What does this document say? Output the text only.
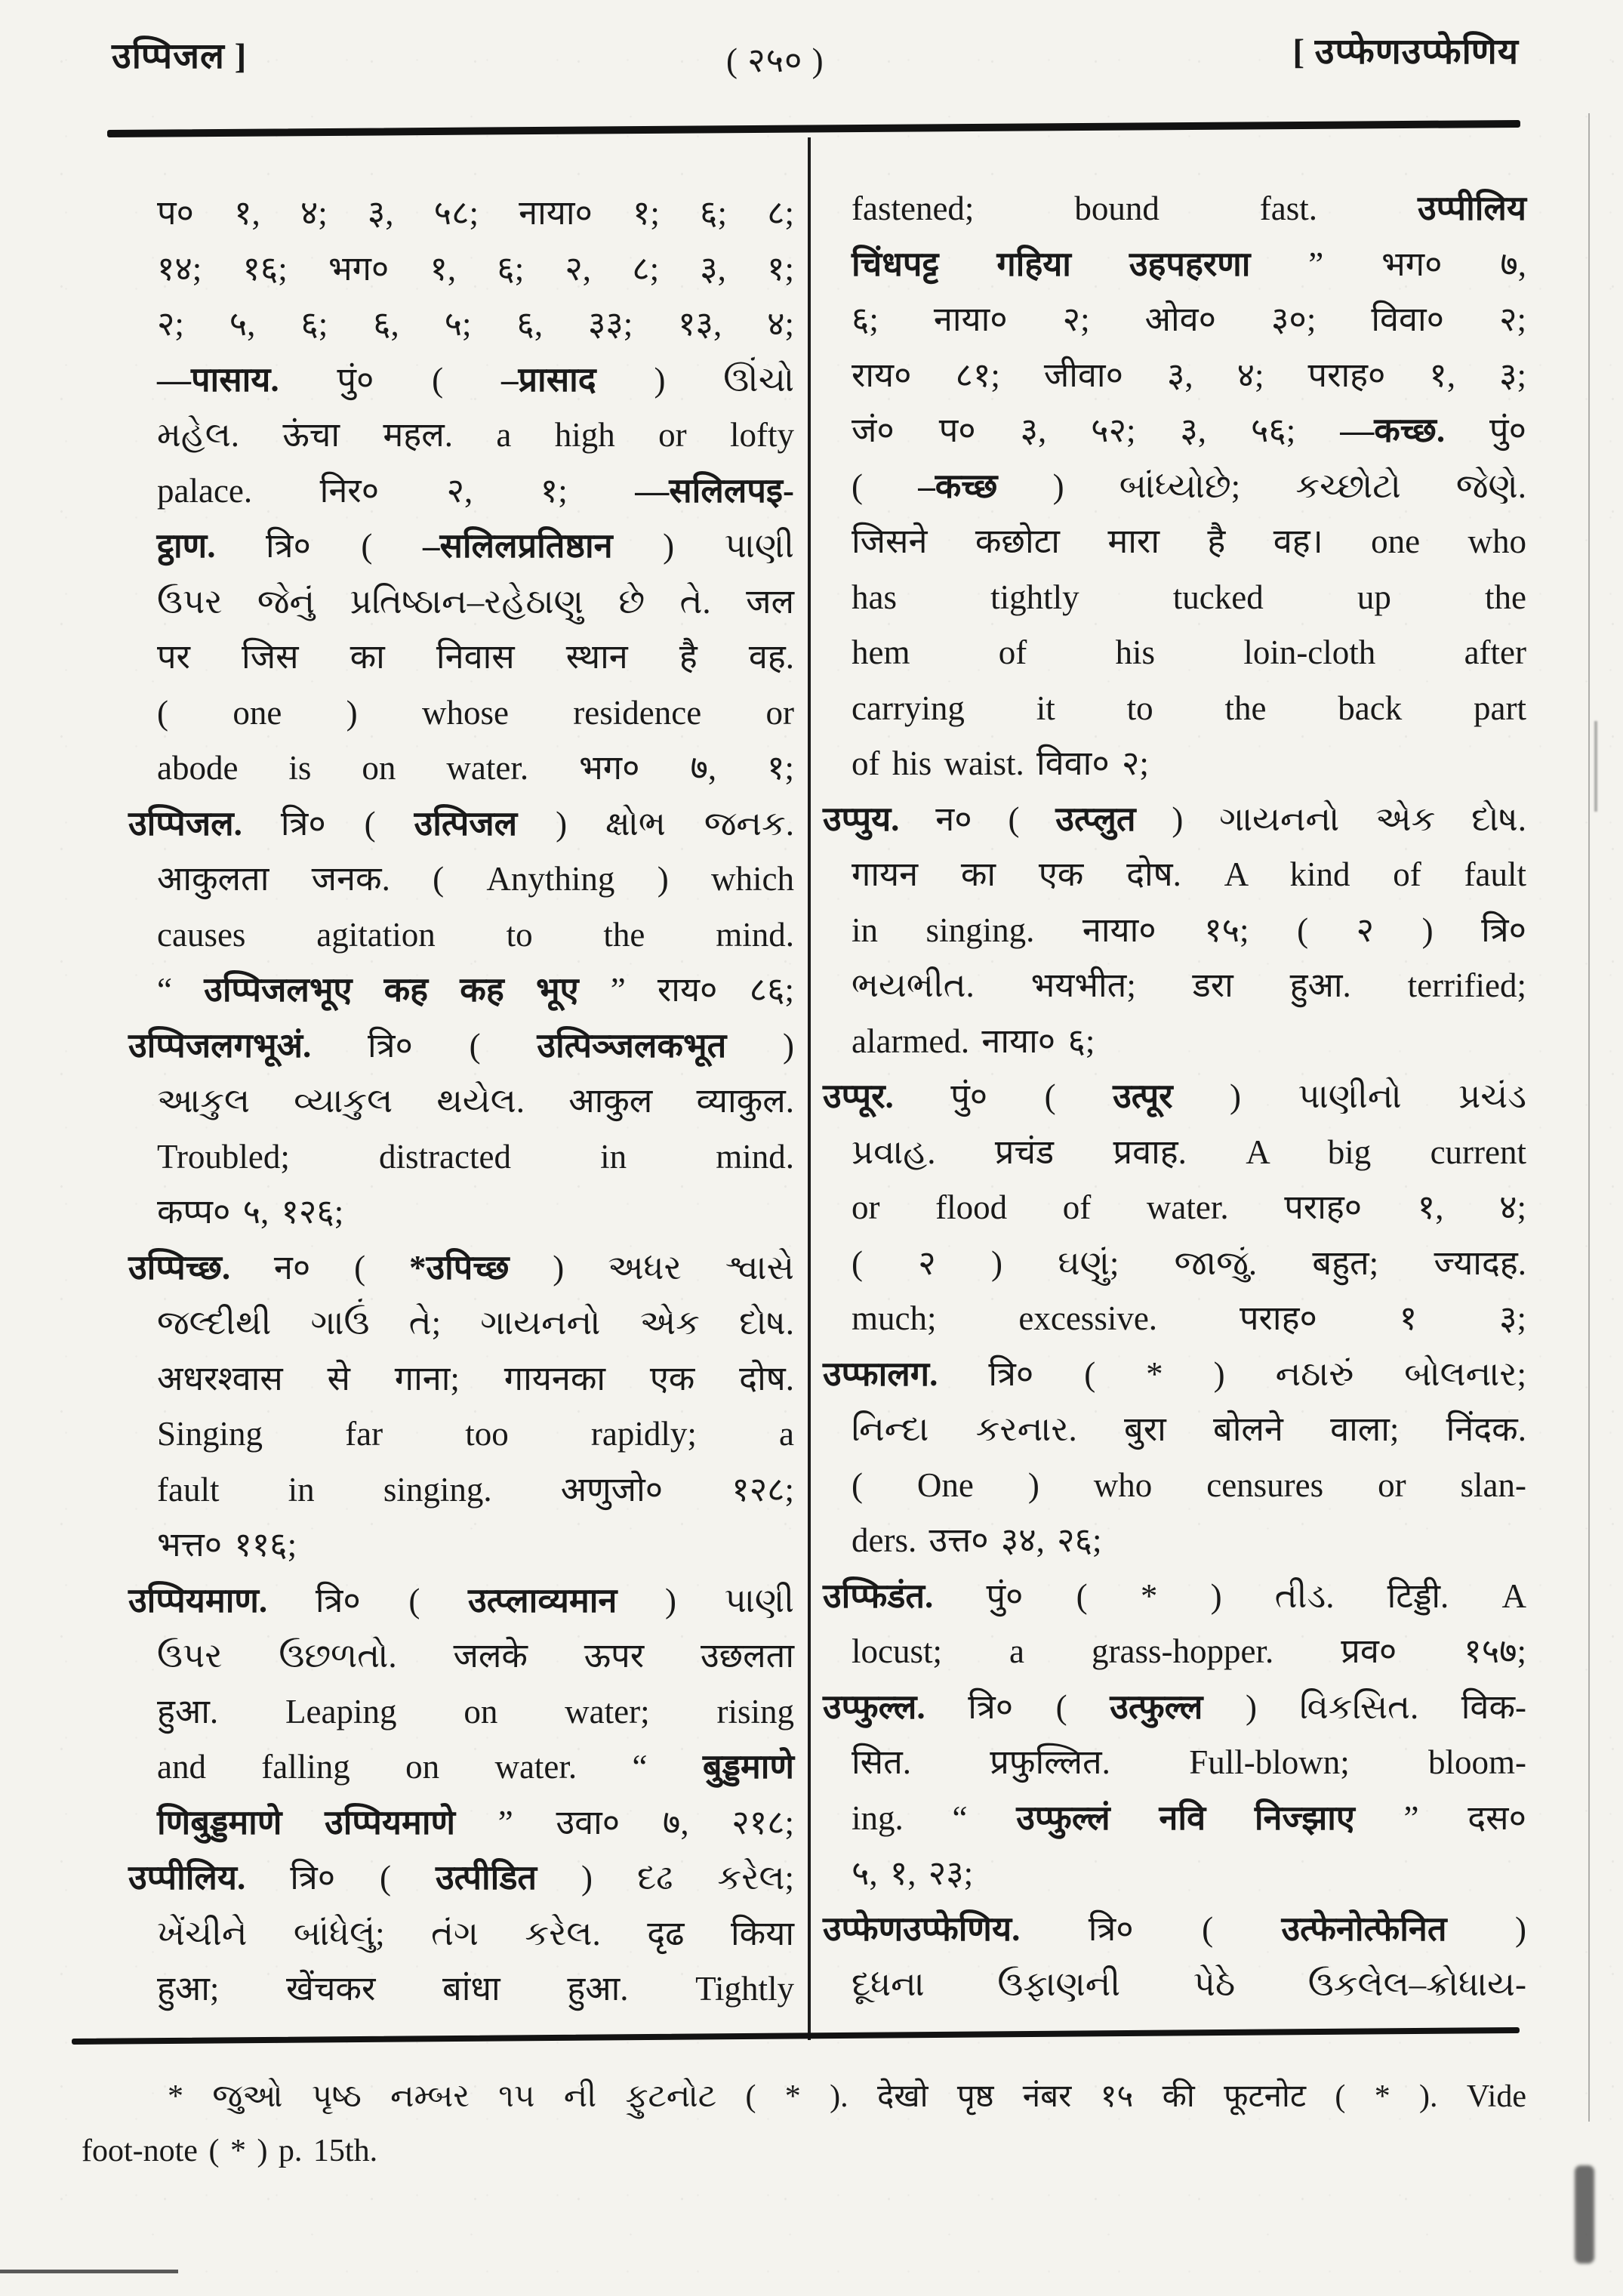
उप्पिजल ]	( २५० )	[ उप्फेणउप्फेणिय
प० १, ४; ३, ५८; नाया० १; ६; ८;
१४; १६; भग० १, ६; २, ८; ३, १;
२; ५, ६; ६, ५; ६, ३३; १३, ४;
—पासाय. पुं० ( –प्रासाद ) ઊંચો
મહેલ. ऊंचा महल. a high or lofty
palace. निर० २, १; —सलिलपइ-
ट्ठाण. त्रि० ( –सलिलप्रतिष्ठान ) પાણી
ઉપર જેનું પ્રતિષ્ઠાન–રહેઠાણુ છે તે. जल
पर जिस का निवास स्थान है वह.
( one ) whose residence or
abode is on water. भग० ७, १;
उप्पिजल. त्रि० ( उत्पिजल ) ક્ષોભ જનક.
आकुलता जनक. ( Anything ) which
causes agitation to the mind.
“ उप्पिजलभूए कह कह भूए ” राय० ८६;
उप्पिजलगभूअं. त्रि० ( उत्पिञ्जलकभूत )
આકુલ વ્યાકુલ થયેલ. आकुल व्याकुल.
Troubled; distracted in mind.
कप्प० ५, १२६;
उप्पिच्छ. न० ( *उपिच्छ ) અધર શ્વાસે
જલ્દીથી ગાઉં તે; ગાયનનો એક દોષ.
अधरश्वास से गाना; गायनका एक दोष.
Singing far too rapidly; a
fault in singing. अणुजो० १२८;
भत्त० ११६;
उप्पियमाण. त्रि० ( उत्प्लाव्यमान ) પાણી
ઉપર ઉછળતો. जलके ऊपर उछलता
हुआ. Leaping on water; rising
and falling on water. “ बुड्डमाणे
णिबुड्डमाणे उप्पियमाणे ” उवा० ७, २१८;
उप्पीलिय. त्रि० ( उत्पीडित ) દઢ કરેલ;
ખેંચીને બાંધેલું; તંગ કરેલ. दृढ किया
हुआ; खेंचकर बांधा हुआ. Tightly
fastened; bound fast. उप्पीलिय
चिंधपट्ट गहिया उहपहरणा ” भग० ७,
६; नाया० २; ओव० ३०; विवा० २;
राय० ८१; जीवा० ३, ४; पराह० १, ३;
जं० प० ३, ५२; ३, ५६; —कच्छ. पुं०
( –कच्छ ) બાંધ્યોછે; કચ્છોટો જેણે.
जिसने कछोटा मारा है वह। one who
has tightly tucked up the
hem of his loin-cloth after
carrying it to the back part
of his waist. विवा० २;
उप्पुय. न० ( उत्प्लुत ) ગાયનનો એક દોષ.
गायन का एक दोष. A kind of fault
in singing. नाया० १५; ( २ ) त्रि०
ભયભીત. भयभीत; डरा हुआ. terrified;
alarmed. नाया० ६;
उप्पूर. पुं० ( उत्पूर ) પાણીનો પ્રચંડ
પ્રવાહ. प्रचंड प्रवाह. A big current
or flood of water. पराह० १, ४;
( २ ) ઘણું; જાજું. बहुत; ज्यादह.
much; excessive. पराह० १ ३;
उप्फालग. त्रि० ( * ) નઠારું બોલનાર;
નિન્દા કરનાર. बुरा बोलने वाला; निंदक.
( One ) who censures or slan-
ders. उत्त० ३४, २६;
उप्फिडंत. पुं० ( * ) તીડ. टिड्डी. A
locust; a grass-hopper. प्रव० १५७;
उप्फुल्ल. त्रि० ( उत्फुल्ल ) વિકસિત. विक-
सित. प्रफुल्लित. Full-blown; bloom-
ing. “ उप्फुल्लं नवि निज्झाए ” दस०
५, १, २३;
उप्फेणउप्फेणिय. त्रि० ( उत्फेनोत्फेनित )
દૂધના ઉફાણની પેઠે ઉકલેલ–ક્રોધાય-
* જુઓ પૃષ્ઠ નમ્બર ૧૫ ની ફુટનોટ ( * ). देखो पृष्ठ नंबर १५ की फूटनोट ( * ). Vide
foot-note ( * ) p. 15th.
